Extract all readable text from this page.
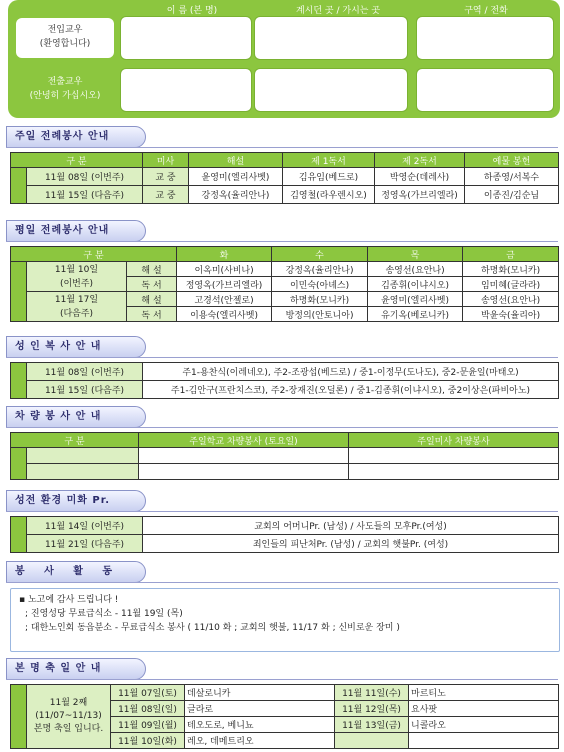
이 름 (본 명)	계시던 곳 / 가시는 곳	구역 / 전화
전입교우
(환영합니다)
전출교우
(안녕히 가십시오)
주일 전례봉사 안내
구 분		미사	해설	제 1독서	제 2독서	예물 봉헌
	11월 08일 (이번주)	교 중	윤영미(엘리사벳)	김유임(베드로)	박영순(데레사)	하종영/서복수
	11월 15일 (다음주)	교 중	강정옥(율리안나)	김영철(라우렌시오)	정영옥(가브리엘라)	이종진/김순님
평일 전례봉사 안내
구 분			화	수	목	금

	11월 10일
(이번주)	해 설	이옥미(사비나)	강정옥(율리안나)	송영선(요안나)	하명화(모니카)
		독 서	정영옥(가브리엘라)	이민숙(아녜스)	김종휘(이냐시오)	임미혜(글라라)

	11월 17일
(다음주)	해 설	고경석(안젤로)	하명화(모니카)	윤영미(엘리사벳)	송영선(요안나)
		독 서	이용숙(엘리사벳)	방정의(안토니아)	유기옥(베로니카)	박윤숙(율리아)
성 인 복 사 안 내
	11월 08일 (이번주)	주1-용찬식(이레네오), 주2-조광섭(베드로) / 중1-이정무(도나도), 중2-문윤일(마태오)
	11월 15일 (다음주)	주1-김안구(프란치스코), 주2-장재진(오딜론) / 중1-김종휘(이냐시오), 중2이상은(파비아노)
차 량 봉 사 안 내
구 분		주일학교 차량봉사 (토요일)	주일미사 차량봉사

성전 환경 미화 Pr.
	11월 14일 (이번주)	교회의 어머니Pr. (남성) / 사도들의 모후Pr.(여성)
	11월 21일 (다음주)	죄인들의 피난처Pr. (남성) / 교회의 햇불Pr. (여성)
봉 사 활 동
▪ 노고에 감사 드립니다 !
; 진영성당 무료급식소 - 11월 19일 (목)
; 대한노인회 동읍분소 - 무료급식소 봉사 ( 11/10 화 ; 교회의 햇불, 11/17 화 ; 신비로운 장미 )
본 명 축 일 안 내

	11월 2째
(11/07~11/13)
본명 축일 입니다.	11월 07일(토)	데살로니카	11월 11일(수)	마르티노
		11월 08일(일)	글라로	11월 12일(목)	요사팟
		11월 09일(월)	테오도로, 베니뇨	11월 13일(금)	니콜라오
		11월 10일(화)	레오, 데메트리오		
